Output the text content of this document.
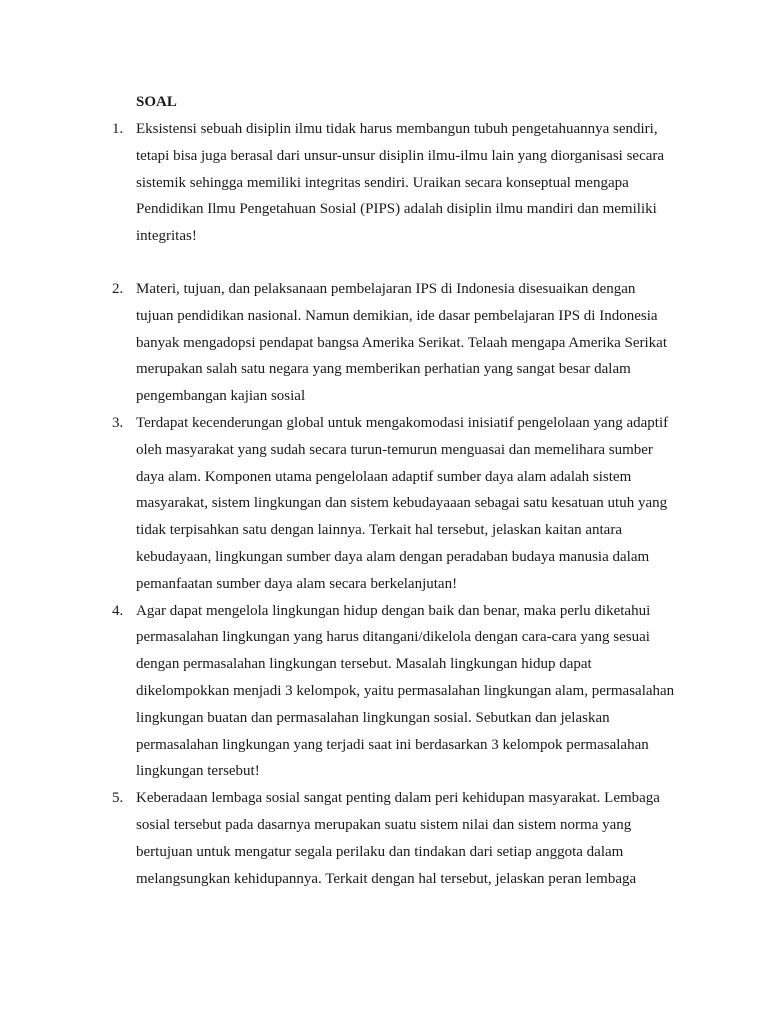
SOAL
1. Eksistensi sebuah disiplin ilmu tidak harus membangun tubuh pengetahuannya sendiri, tetapi bisa juga berasal dari unsur-unsur disiplin ilmu-ilmu lain yang diorganisasi secara sistemik sehingga memiliki integritas sendiri. Uraikan secara konseptual mengapa Pendidikan Ilmu Pengetahuan Sosial (PIPS) adalah disiplin ilmu mandiri dan memiliki integritas!
2. Materi, tujuan, dan pelaksanaan pembelajaran IPS di Indonesia disesuaikan dengan tujuan pendidikan nasional. Namun demikian, ide dasar pembelajaran IPS di Indonesia banyak mengadopsi pendapat bangsa Amerika Serikat. Telaah mengapa Amerika Serikat merupakan salah satu negara yang memberikan perhatian yang sangat besar dalam pengembangan kajian sosial
3. Terdapat kecenderungan global untuk mengakomodasi inisiatif pengelolaan yang adaptif oleh masyarakat yang sudah secara turun-temurun menguasai dan memelihara sumber daya alam. Komponen utama pengelolaan adaptif sumber daya alam adalah sistem masyarakat, sistem lingkungan dan sistem kebudayaaan sebagai satu kesatuan utuh yang tidak terpisahkan satu dengan lainnya. Terkait hal tersebut, jelaskan kaitan antara kebudayaan, lingkungan sumber daya alam dengan peradaban budaya manusia dalam pemanfaatan sumber daya alam secara berkelanjutan!
4. Agar dapat mengelola lingkungan hidup dengan baik dan benar, maka perlu diketahui permasalahan lingkungan yang harus ditangani/dikelola dengan cara-cara yang sesuai dengan permasalahan lingkungan tersebut. Masalah lingkungan hidup dapat dikelompokkan menjadi 3 kelompok, yaitu permasalahan lingkungan alam, permasalahan lingkungan buatan dan permasalahan lingkungan sosial. Sebutkan dan jelaskan permasalahan lingkungan yang terjadi saat ini berdasarkan 3 kelompok permasalahan lingkungan tersebut!
5. Keberadaan lembaga sosial sangat penting dalam peri kehidupan masyarakat. Lembaga sosial tersebut pada dasarnya merupakan suatu sistem nilai dan sistem norma yang bertujuan untuk mengatur segala perilaku dan tindakan dari setiap anggota dalam melangsungkan kehidupannya. Terkait dengan hal tersebut, jelaskan peran lembaga
